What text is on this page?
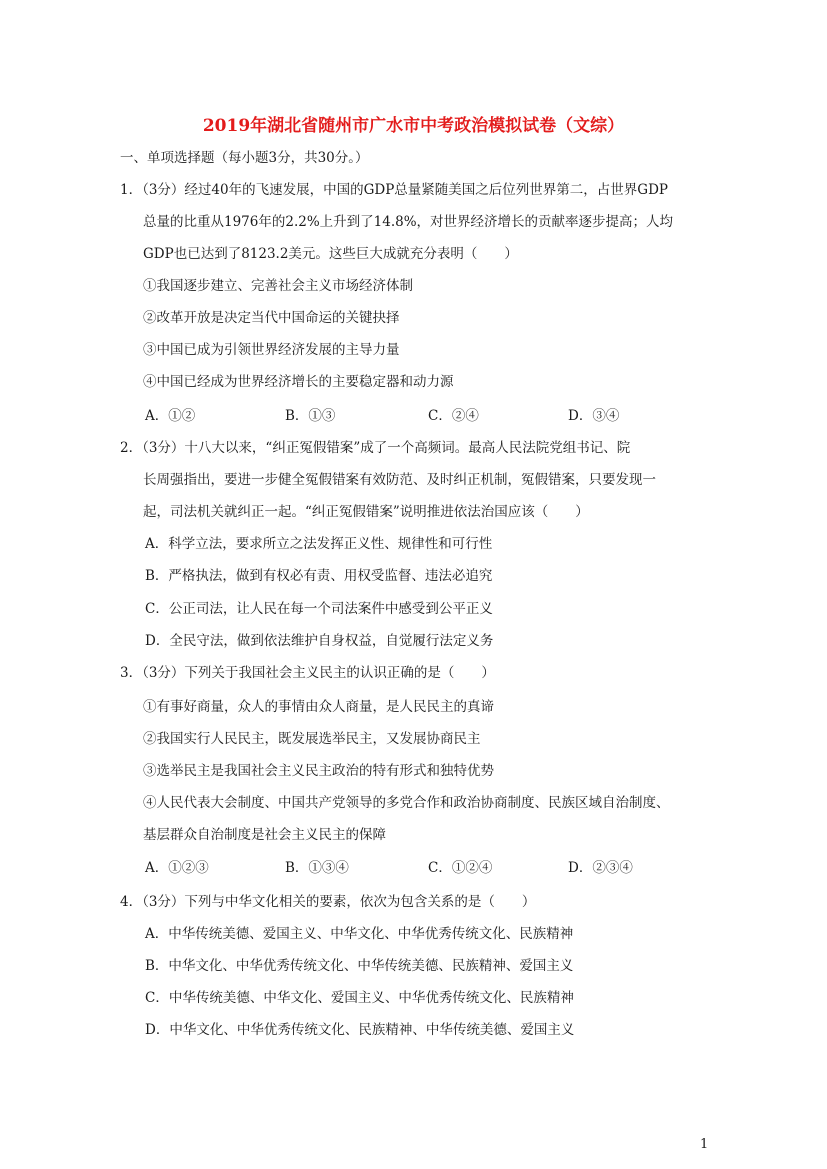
2019年湖北省随州市广水市中考政治模拟试卷（文综）
一、单项选择题（每小题3分，共30分。）
1．（3分）经过40年的飞速发展，中国的GDP总量紧随美国之后位列世界第二，占世界GDP
总量的比重从1976年的2.2%上升到了14.8%，对世界经济增长的贡献率逐步提高；人均
GDP也已达到了8123.2美元。这些巨大成就充分表明（　　）
①我国逐步建立、完善社会主义市场经济体制
②改革开放是决定当代中国命运的关键抉择
③中国已成为引领世界经济发展的主导力量
④中国已经成为世界经济增长的主要稳定器和动力源
A．①②	B．①③	C．②④	D．③④
2．（3分）十八大以来，“纠正冤假错案”成了一个高频词。最高人民法院党组书记、院
长周强指出，要进一步健全冤假错案有效防范、及时纠正机制，冤假错案，只要发现一
起，司法机关就纠正一起。“纠正冤假错案”说明推进依法治国应该（　　）
A．科学立法，要求所立之法发挥正义性、规律性和可行性
B．严格执法，做到有权必有责、用权受监督、违法必追究
C．公正司法，让人民在每一个司法案件中感受到公平正义
D．全民守法，做到依法维护自身权益，自觉履行法定义务
3．（3分）下列关于我国社会主义民主的认识正确的是（　　）
①有事好商量，众人的事情由众人商量，是人民民主的真谛
②我国实行人民民主，既发展选举民主，又发展协商民主
③选举民主是我国社会主义民主政治的特有形式和独特优势
④人民代表大会制度、中国共产党领导的多党合作和政治协商制度、民族区域自治制度、
基层群众自治制度是社会主义民主的保障
A．①②③	B．①③④	C．①②④	D．②③④
4．（3分）下列与中华文化相关的要素，依次为包含关系的是（　　）
A．中华传统美德、爱国主义、中华文化、中华优秀传统文化、民族精神
B．中华文化、中华优秀传统文化、中华传统美德、民族精神、爱国主义
C．中华传统美德、中华文化、爱国主义、中华优秀传统文化、民族精神
D．中华文化、中华优秀传统文化、民族精神、中华传统美德、爱国主义
1
